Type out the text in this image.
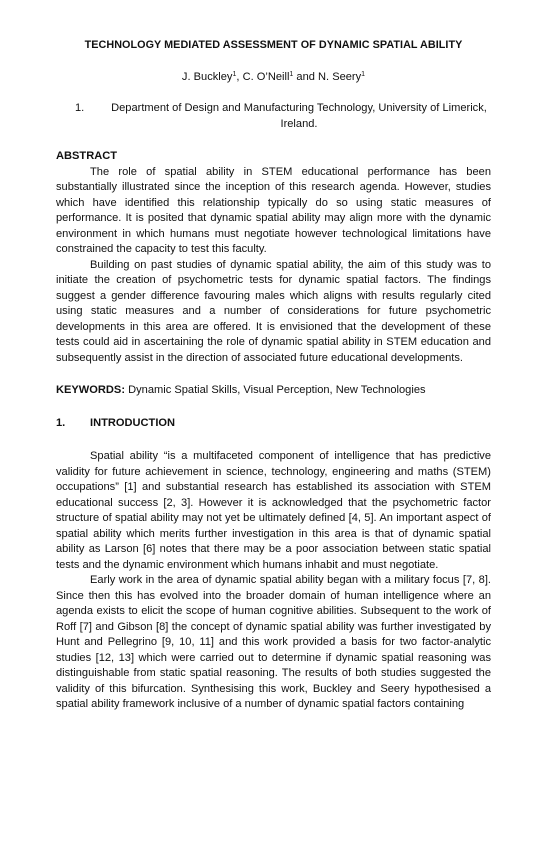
TECHNOLOGY MEDIATED ASSESSMENT OF DYNAMIC SPATIAL ABILITY
J. Buckley$^1$, C. O’Neill$^1$ and N. Seery$^1$
1.	Department of Design and Manufacturing Technology, University of Limerick, Ireland.
ABSTRACT

The role of spatial ability in STEM educational performance has been substantially illustrated since the inception of this research agenda. However, studies which have identified this relationship typically do so using static measures of performance. It is posited that dynamic spatial ability may align more with the dynamic environment in which humans must negotiate however technological limitations have constrained the capacity to test this faculty.

Building on past studies of dynamic spatial ability, the aim of this study was to initiate the creation of psychometric tests for dynamic spatial factors. The findings suggest a gender difference favouring males which aligns with results regularly cited using static measures and a number of considerations for future psychometric developments in this area are offered. It is envisioned that the development of these tests could aid in ascertaining the role of dynamic spatial ability in STEM education and subsequently assist in the direction of associated future educational developments.

KEYWORDS: Dynamic Spatial Skills, Visual Perception, New Technologies
1.	INTRODUCTION

Spatial ability “is a multifaceted component of intelligence that has predictive validity for future achievement in science, technology, engineering and maths (STEM) occupations” [1] and substantial research has established its association with STEM educational success [2, 3]. However it is acknowledged that the psychometric factor structure of spatial ability may not yet be ultimately defined [4, 5]. An important aspect of spatial ability which merits further investigation in this area is that of dynamic spatial ability as Larson [6] notes that there may be a poor association between static spatial tests and the dynamic environment which humans inhabit and must negotiate.

Early work in the area of dynamic spatial ability began with a military focus [7, 8]. Since then this has evolved into the broader domain of human intelligence where an agenda exists to elicit the scope of human cognitive abilities. Subsequent to the work of Roff [7] and Gibson [8] the concept of dynamic spatial ability was further investigated by Hunt and Pellegrino [9, 10, 11] and this work provided a basis for two factor-analytic studies [12, 13] which were carried out to determine if dynamic spatial reasoning was distinguishable from static spatial reasoning. The results of both studies suggested the validity of this bifurcation. Synthesising this work, Buckley and Seery hypothesised a spatial ability framework inclusive of a number of dynamic spatial factors containing
